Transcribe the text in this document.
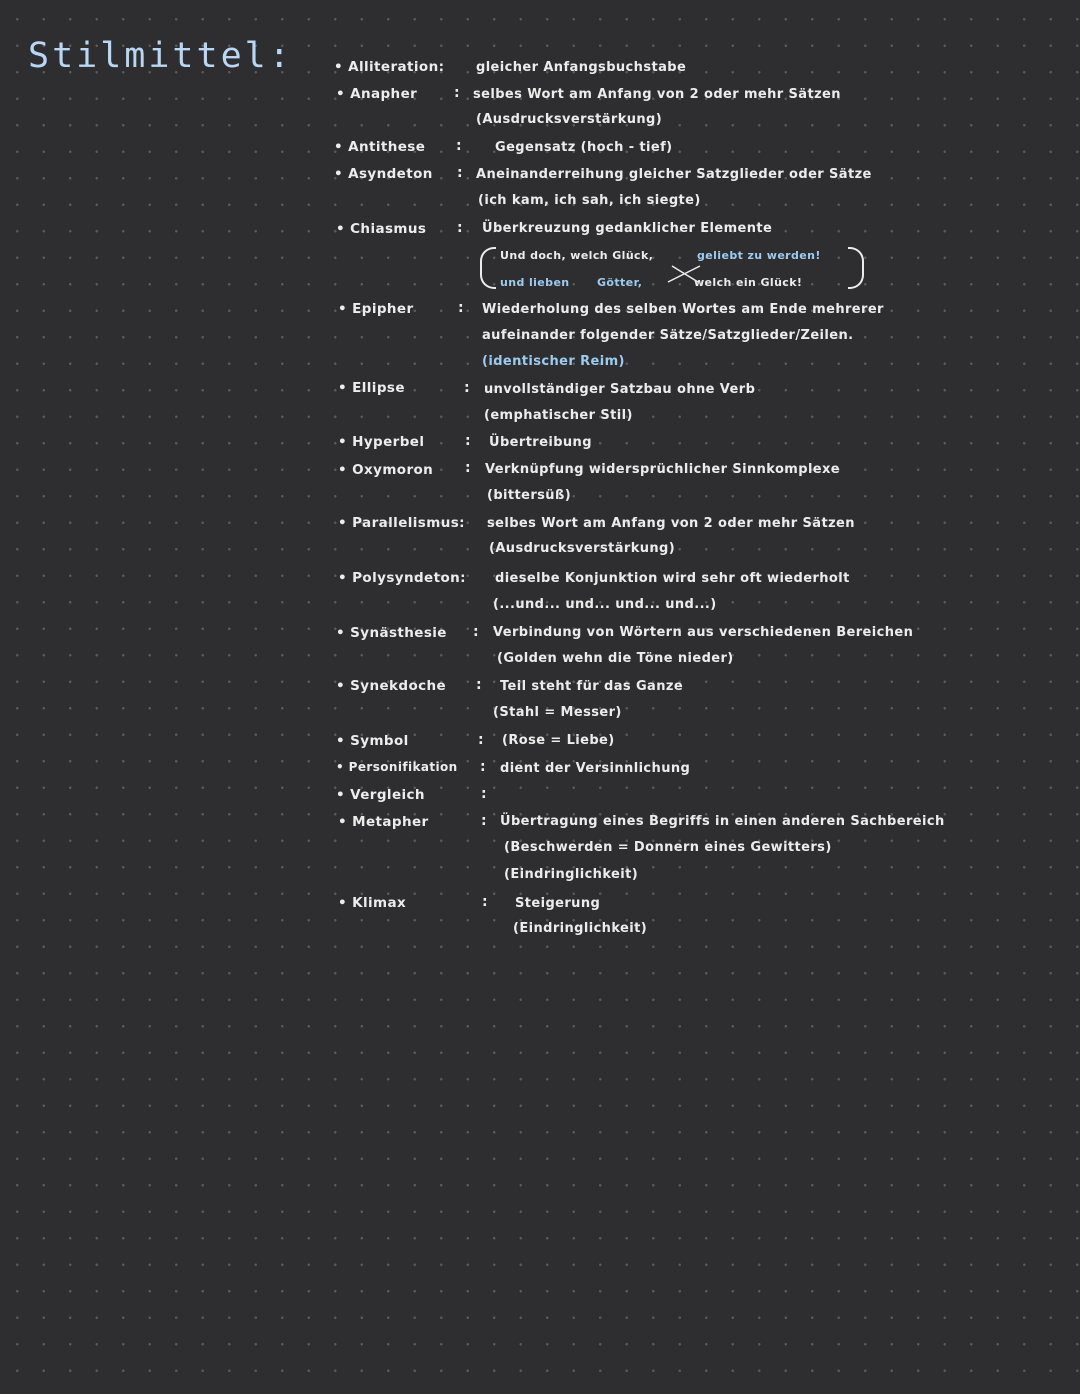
Stilmittel:	• Alliteration: gleicher Anfangsbuchstabe
• Anapher	: selbes Wort am Anfang von 2 oder mehr Sätzen
(Ausdrucksverstärkung)
• Antithese :	Gegensatz (hoch - tief)
• Asyndeton : Aneinanderreihung gleicher Satzglieder oder Sätze
(ich kam, ich sah, ich siegte)
• Chiasmus : Überkreuzung gedanklicher Elemente
Und doch, welch Glück,	geliebt zu werden!
und lieben Götter,	welch ein Glück!
• Epipher	: Wiederholung des selben Wortes am Ende mehrerer
aufeinander folgender Sätze/Satzglieder/Zeilen.
(identischer Reim)
• Ellipse	: unvollständiger Satzbau ohne Verb
(emphatischer Stil)
• Hyperbel	: Übertreibung
• Oxymoron : Verknüpfung widersprüchlicher Sinnkomplexe
(bittersüß)
• Parallelismus: selbes Wort am Anfang von 2 oder mehr Sätzen
(Ausdrucksverstärkung)
• Polysyndeton: dieselbe Konjunktion wird sehr oft wiederholt
(...und... und... und... und...)
• Synästhesie : Verbindung von Wörtern aus verschiedenen Bereichen
(Golden wehn die Töne nieder)
• Synekdoche : Teil steht für das Ganze
(Stahl = Messer)
• Symbol	: (Rose = Liebe)
• Personifikation : dient der Versinnlichung
• Vergleich	:
• Metapher	: Übertragung eines Begriffs in einen anderen Sachbereich
(Beschwerden = Donnern eines Gewitters)
(Eindringlichkeit)
• Klimax	: Steigerung
(Eindringlichkeit)
